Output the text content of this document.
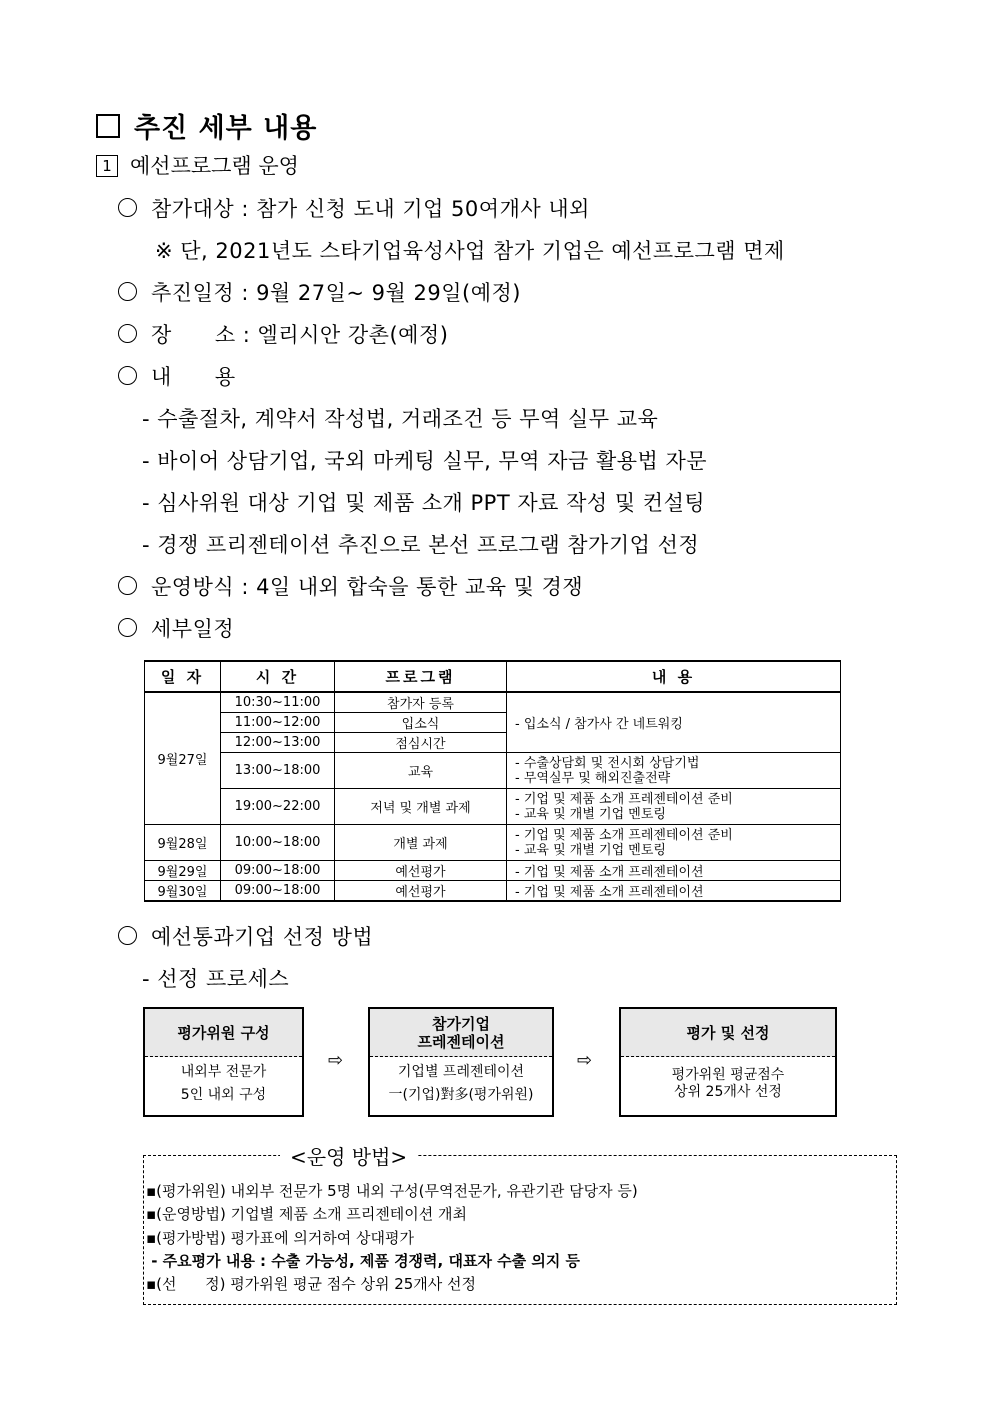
추진 세부 내용
1 예선프로그램 운영
참가대상 : 참가 신청 도내 기업 50여개사 내외
※ 단, 2021년도 스타기업육성사업 참가 기업은 예선프로그램 면제
추진일정 : 9월 27일~ 9월 29일(예정)
장      소 : 엘리시안 강촌(예정)
내      용
- 수출절차, 계약서 작성법, 거래조건 등 무역 실무 교육
- 바이어 상담기업, 국외 마케팅 실무, 무역 자금 활용법 자문
- 심사위원 대상 기업 및 제품 소개 PPT 자료 작성 및 컨설팅
- 경쟁 프리젠테이션 추진으로 본선 프로그램 참가기업 선정
운영방식 : 4일 내외 합숙을 통한 교육 및 경쟁
세부일정
일 자	시 간	프로그램	내 용
9월27일	10:30~11:00	참가자 등록	- 입소식 / 참가사 간 네트워킹
	11:00~12:00	입소식	
	12:00~13:00	점심시간	
	13:00~18:00	교육	- 수출상담회 및 전시회 상담기법
- 무역실무 및 해외진출전략

	19:00~22:00	저녁 및 개별 과제	- 기업 및 제품 소개 프레젠테이션 준비
- 교육 및 개별 기업 멘토링

9월28일	10:00~18:00	개별 과제	- 기업 및 제품 소개 프레젠테이션 준비
- 교육 및 개별 기업 멘토링

9월29일	09:00~18:00	예선평가	- 기업 및 제품 소개 프레젠테이션
9월30일	09:00~18:00	예선평가	- 기업 및 제품 소개 프레젠테이션
예선통과기업 선정 방법
- 선정 프로세스
평가위원 구성
내외부 전문가
5인 내외 구성
⇨
참가기업
프레젠테이션
기업별 프레젠테이션
一(기업)對多(평가위원)
⇨
평가 및 선정
평가위원 평균점수
상위 25개사 선정
<운영 방법>
▪(평가위원) 내외부 전문가 5명 내외 구성(무역전문가, 유관기관 담당자 등)
▪(운영방법) 기업별 제품 소개 프리젠테이션 개최
▪(평가방법) 평가표에 의거하여 상대평가
- 주요평가 내용 : 수출 가능성, 제품 경쟁력, 대표자 수출 의지 등
▪(선      정) 평가위원 평균 점수 상위 25개사 선정
